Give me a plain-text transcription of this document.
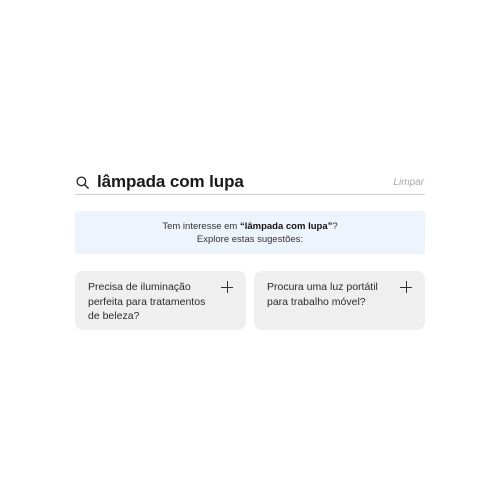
lâmpada com lupa
Limpar
Tem interesse em “lâmpada com lupa”?
Explore estas sugestões:
Precisa de iluminação perfeita para tratamentos de beleza?
Procura uma luz portátil para trabalho móvel?
